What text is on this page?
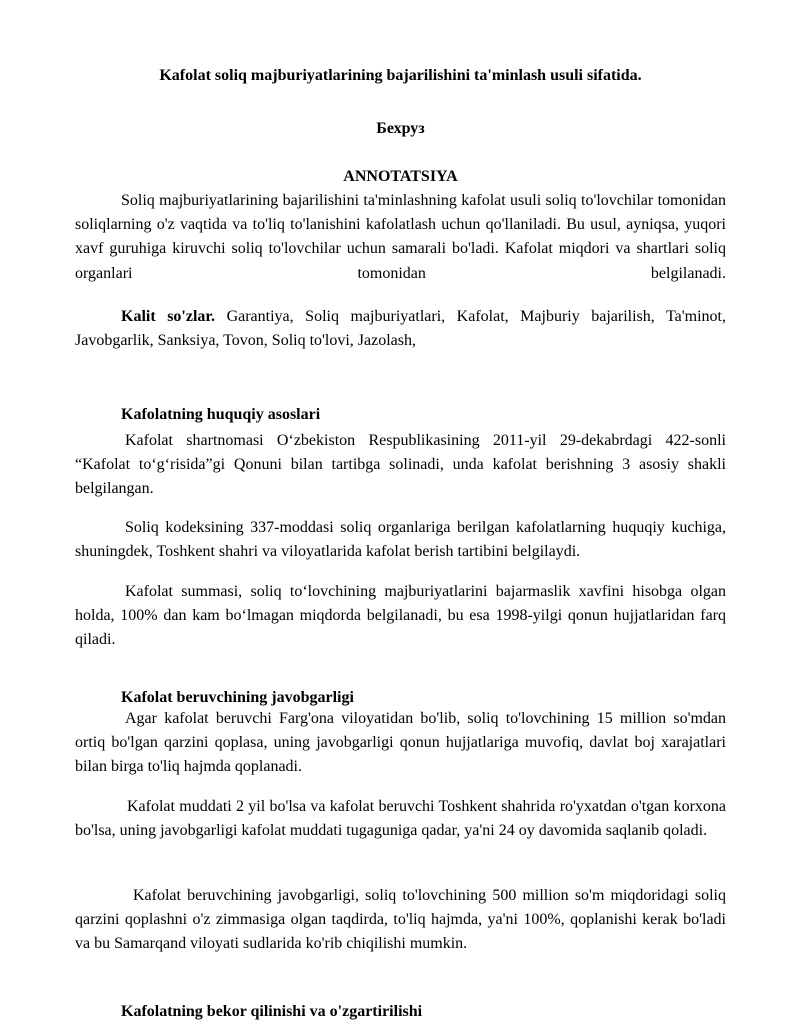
Kafolat soliq majburiyatlarining bajarilishini ta'minlash usuli sifatida.
Бехруз
ANNOTATSIYA
Soliq majburiyatlarining bajarilishini ta'minlashning kafolat usuli soliq to'lovchilar tomonidan soliqlarning o'z vaqtida va to'liq to'lanishini kafolatlash uchun qo'llaniladi. Bu usul, ayniqsa, yuqori xavf guruhiga kiruvchi soliq to'lovchilar uchun samarali bo'ladi. Kafolat miqdori va shartlari soliq organlari tomonidan belgilanadi.
Kalit so'zlar. Garantiya, Soliq majburiyatlari, Kafolat, Majburiy bajarilish, Ta'minot, Javobgarlik, Sanksiya, Tovon, Soliq to'lovi, Jazolash,
Kafolatning huquqiy asoslari
Kafolat shartnomasi O‘zbekiston Respublikasining 2011-yil 29-dekabrdagi 422-sonli “Kafolat to‘g‘risida”gi Qonuni bilan tartibga solinadi, unda kafolat berishning 3 asosiy shakli belgilangan.
Soliq kodeksining 337-moddasi soliq organlariga berilgan kafolatlarning huquqiy kuchiga, shuningdek, Toshkent shahri va viloyatlarida kafolat berish tartibini belgilaydi.
Kafolat summasi, soliq to‘lovchining majburiyatlarini bajarmaslik xavfini hisobga olgan holda, 100% dan kam bo‘lmagan miqdorda belgilanadi, bu esa 1998-yilgi qonun hujjatlaridan farq qiladi.
Kafolat beruvchining javobgarligi
Agar kafolat beruvchi Farg'ona viloyatidan bo'lib, soliq to'lovchining 15 million so'mdan ortiq bo'lgan qarzini qoplasa, uning javobgarligi qonun hujjatlariga muvofiq, davlat boj xarajatlari bilan birga to'liq hajmda qoplanadi.
Kafolat muddati 2 yil bo'lsa va kafolat beruvchi Toshkent shahrida ro'yxatdan o'tgan korxona bo'lsa, uning javobgarligi kafolat muddati tugaguniga qadar, ya'ni 24 oy davomida saqlanib qoladi.
Kafolat beruvchining javobgarligi, soliq to'lovchining 500 million so'm miqdoridagi soliq qarzini qoplashni o'z zimmasiga olgan taqdirda, to'liq hajmda, ya'ni 100%, qoplanishi kerak bo'ladi va bu Samarqand viloyati sudlarida ko'rib chiqilishi mumkin.
Kafolatning bekor qilinishi va o'zgartirilishi
